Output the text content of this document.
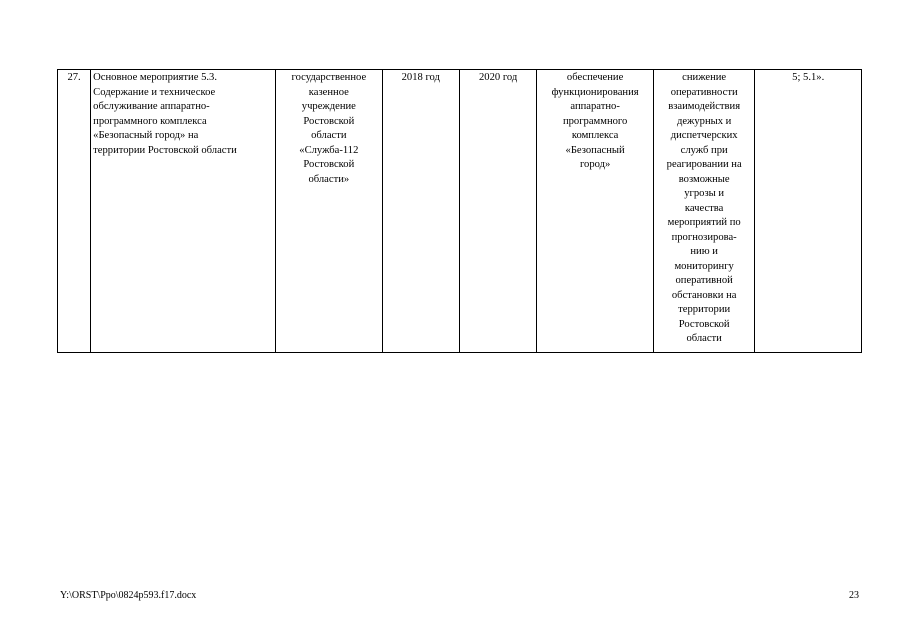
27.	Основное мероприятие 5.3.
Содержание и техническое
обслуживание аппаратно-
программного комплекса
«Безопасный город» на
территории Ростовской области	государственное
казенное
учреждение
Ростовской
области
«Служба-112
Ростовской
области»	2018 год	2020 год	обеспечение
функционирования
аппаратно-
программного
комплекса
«Безопасный
город»	снижение
оперативности
взаимодействия
дежурных и
диспетчерских
служб при
реагировании на
возможные
угрозы и
качества
мероприятий по
прогнозирова-
нию и
мониторингу
оперативной
обстановки на
территории
Ростовской
области	5; 5.1».
Y:\ORST\Ppo\0824p593.f17.docx	23
